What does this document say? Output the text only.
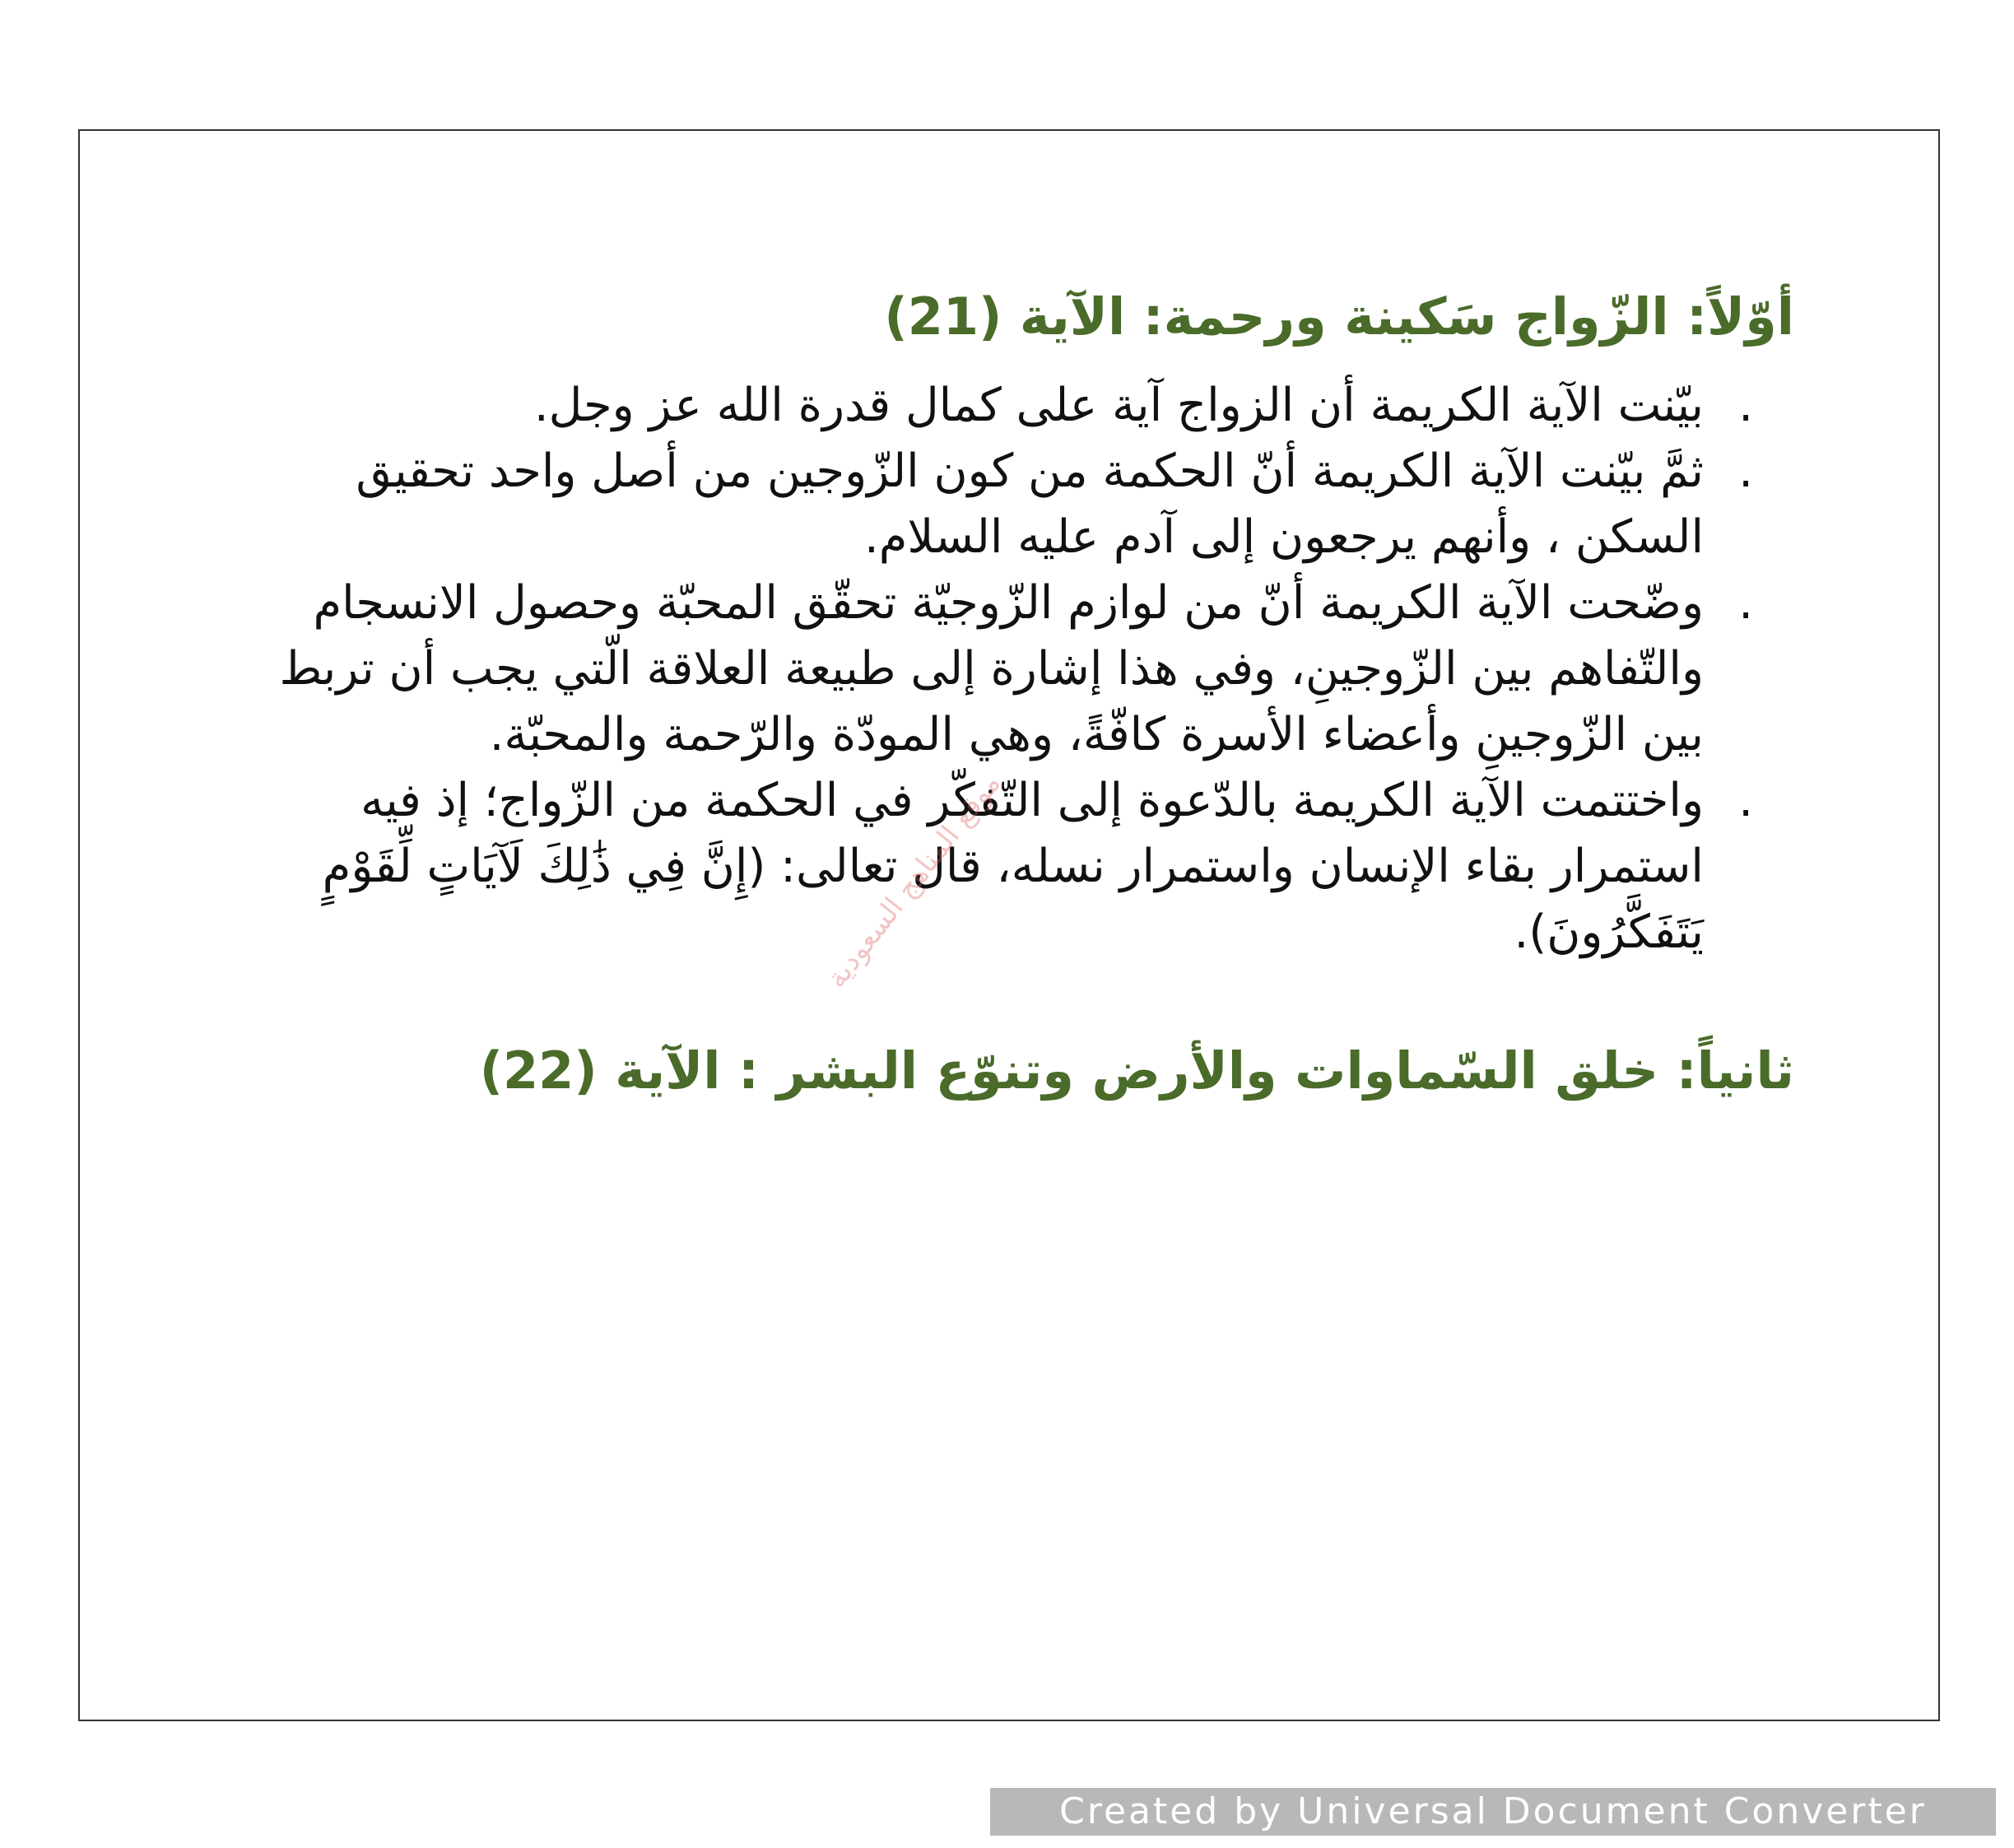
أوّلاً: الزّواج سَكينة ورحمة: الآية (21)
.
بيّنت الآية الكريمة أن الزواج آية على كمال قدرة الله عز وجل.
.
ثمَّ بيّنت الآية الكريمة أنّ الحكمة من كون الزّوجين من أصل واحد تحقيق السكن ، وأنهم يرجعون إلى آدم عليه السلام.
.
وضّحت الآية الكريمة أنّ من لوازم الزّوجيّة تحقّق المحبّة وحصول الانسجام والتّفاهم بين الزّوجينِ، وفي هذا إشارة إلى طبيعة العلاقة الّتي يجب أن تربط بين الزّوجينِ وأعضاء الأسرة كافّةً، وهي المودّة والرّحمة والمحبّة.
.
واختتمت الآية الكريمة بالدّعوة إلى التّفكّر في الحكمة من الزّواج؛ إذ فيه استمرار بقاء الإنسان واستمرار نسله، قال تعالى: (إِنَّ فِي ذَٰلِكَ لَآيَاتٍ لِّقَوْمٍ يَتَفَكَّرُونَ).
ثانياً: خلق السّماوات والأرض وتنوّع البشر : الآية (22)
موقع المناهج السعودية
Created by Universal Document Converter
